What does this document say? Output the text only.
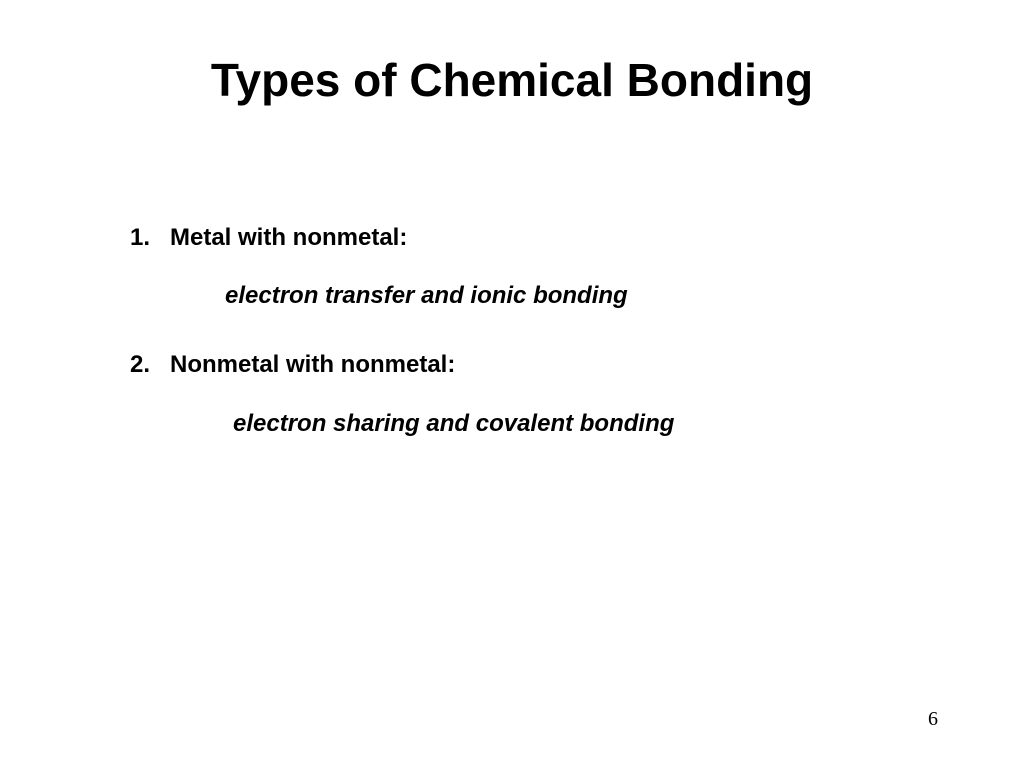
Types of Chemical Bonding
1. Metal with nonmetal:
electron transfer and ionic bonding
2. Nonmetal with nonmetal:
electron sharing and covalent bonding
6
